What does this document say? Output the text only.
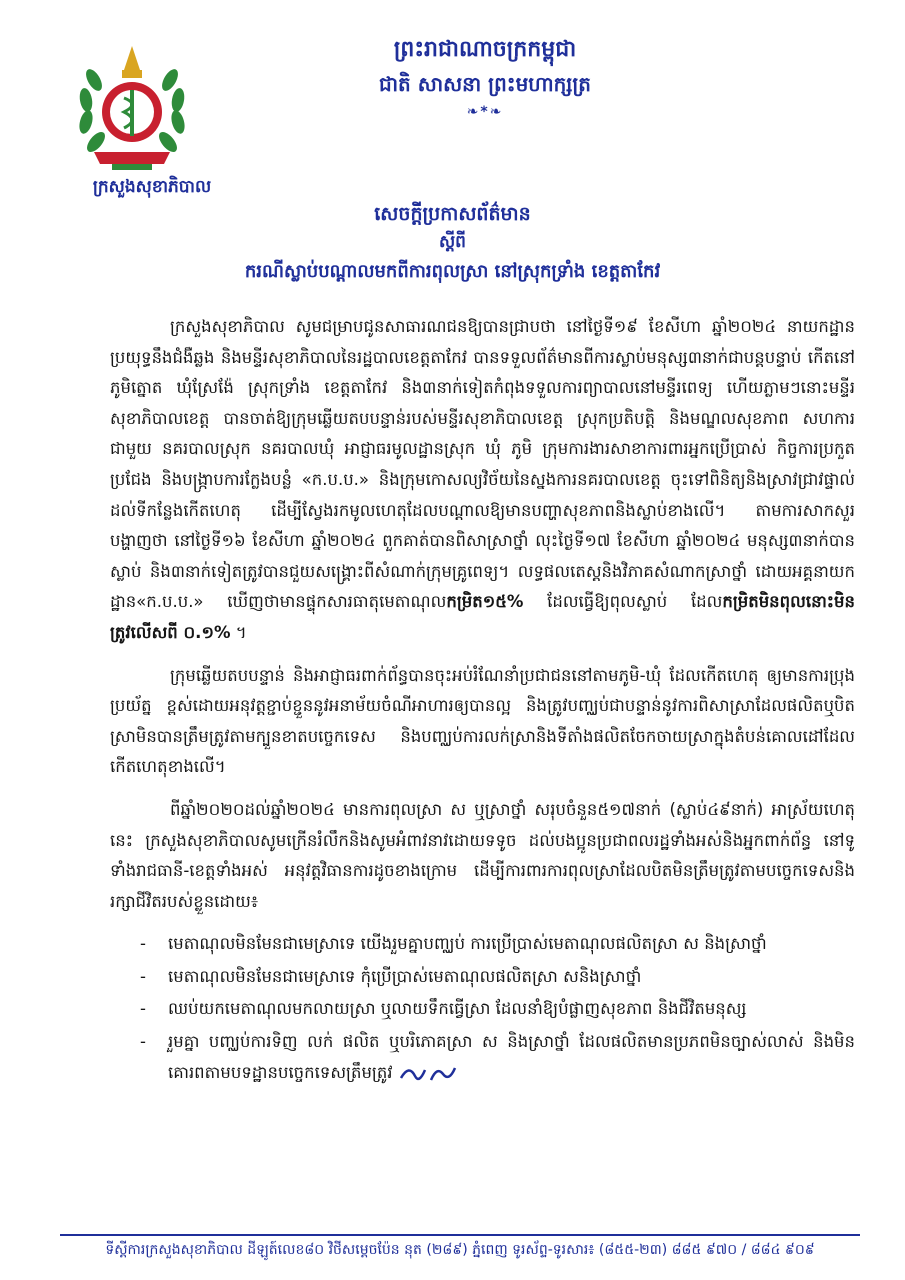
ក្រសួងសុខាភិបាល
ព្រះរាជាណាចក្រកម្ពុជា
ជាតិ សាសនា ព្រះមហាក្សត្រ
❧*❧
សេចក្តីប្រកាសព័ត៌មាន
ស្តីពី
ករណីស្លាប់បណ្តាលមកពីការពុលស្រា នៅស្រុកទ្រាំង ខេត្តតាកែវ

ក្រសួងសុខាភិបាល សូមជម្រាបជូនសាធារណជនឱ្យបានជ្រាបថា នៅថ្ងៃទី១៩ ខែសីហា ឆ្នាំ២០២៤ នាយកដ្ឋានប្រយុទ្ធនឹងជំងឺឆ្លង និងមន្ទីរសុខាភិបាលនៃរដ្ឋបាលខេត្តតាកែវ បានទទួលព័ត៌មានពីការស្លាប់មនុស្ស៣នាក់ជាបន្តបន្ទាប់ កើតនៅភូមិត្នោត ឃុំស្រែង៉ែ ស្រុកទ្រាំង ខេត្តតាកែវ និង៣នាក់ទៀតកំពុងទទួលការព្យាបាលនៅមន្ទីរពេទ្យ ហើយភ្លាមៗនោះមន្ទីរសុខាភិបាលខេត្ត បានចាត់ឱ្យក្រុមឆ្លើយតបបន្ទាន់របស់មន្ទីរសុខាភិបាលខេត្ត ស្រុកប្រតិបត្តិ និងមណ្ឌលសុខភាព សហការជាមួយ នគរបាលស្រុក នគរបាលឃុំ អាជ្ញាធរមូលដ្ឋានស្រុក ឃុំ ភូមិ ក្រុមការងារសាខាការពារអ្នកប្រើប្រាស់ កិច្ចការប្រកួតប្រជែង និងបង្ក្រាបការក្លែងបន្លំ «ក.ប.ប.» និងក្រុមកោសល្យវិច័យនៃស្នងការនគរបាលខេត្ត ចុះទៅពិនិត្យនិងស្រាវជ្រាវផ្ទាល់ដល់ទីកន្លែងកើតហេតុ ដើម្បីស្វែងរកមូលហេតុដែលបណ្តាលឱ្យមានបញ្ហាសុខភាពនិងស្លាប់ខាងលើ។ តាមការសាកសួរបង្ហាញថា នៅថ្ងៃទី១៦ ខែសីហា ឆ្នាំ២០២៤ ពួកគាត់បានពិសាស្រាថ្នាំ លុះថ្ងៃទី១៧ ខែសីហា ឆ្នាំ២០២៤ មនុស្ស៣នាក់បានស្លាប់ និង៣នាក់ទៀតត្រូវបានជួយសង្គ្រោះពីសំណាក់ក្រុមគ្រូពេទ្យ។ លទ្ធផលតេស្តនិងវិភាគសំណាកស្រាថ្នាំ ដោយអគ្គនាយកដ្ឋាន«ក.ប.ប.» ឃើញថាមានផ្ទុកសារធាតុមេតាណុលកម្រិត១៥% ដែលធ្វើឱ្យពុលស្លាប់ ដែលកម្រិតមិនពុលនោះមិនត្រូវលើសពី ០.១% ។

ក្រុមឆ្លើយតបបន្ទាន់ និងអាជ្ញាធរពាក់ព័ន្ធបានចុះអប់រំណែនាំប្រជាជននៅតាមភូមិ-ឃុំ ដែលកើតហេតុ ឲ្យមានការប្រុងប្រយ័ត្ន ខ្ពស់ដោយអនុវត្តខ្ជាប់ខ្ជួននូវអនាម័យចំណីអាហារឲ្យបានល្អ និងត្រូវបញ្ឈប់ជាបន្ទាន់នូវការពិសាស្រាដែលផលិតឬបិតស្រាមិនបានត្រឹមត្រូវតាមក្បួនខាតបច្ចេកទេស និងបញ្ឈប់ការលក់ស្រានិងទីតាំងផលិតចែកចាយស្រាក្នុងតំបន់គោលដៅដែលកើតហេតុខាងលើ។

ពីឆ្នាំ២០២០ដល់ឆ្នាំ២០២៤ មានការពុលស្រា ស ឬស្រាថ្នាំ សរុបចំនួន៥១៧នាក់ (ស្លាប់៤៩នាក់) អាស្រ័យហេតុនេះ ក្រសួងសុខាភិបាលសូមក្រើនរំលឹកនិងសូមអំពាវនាវដោយទទូច ដល់បងប្អូនប្រជាពលរដ្ឋទាំងអស់និងអ្នកពាក់ព័ន្ធ នៅទូទាំងរាជធានី-ខេត្តទាំងអស់ អនុវត្តវិធានការដូចខាងក្រោម ដើម្បីការពារការពុលស្រាដែលបិតមិនត្រឹមត្រូវតាមបច្ចេកទេសនិងរក្សាជីវិតរបស់ខ្លួនដោយ៖

- មេតាណុលមិនមែនជាមេស្រាទេ យើងរួមគ្នាបញ្ឈប់ ការប្រើប្រាស់មេតាណុលផលិតស្រា ស និងស្រាថ្នាំ
- មេតាណុលមិនមែនជាមេស្រាទេ កុំប្រើប្រាស់មេតាណុលផលិតស្រា សនិងស្រាថ្នាំ
- ឈប់យកមេតាណុលមកលាយស្រា ឬលាយទឹកធ្វើស្រា ដែលនាំឱ្យបំផ្លាញសុខភាព និងជីវិតមនុស្ស
- រួមគ្នា បញ្ឈប់ការទិញ លក់ ផលិត ឬបរិភោគស្រា ស និងស្រាថ្នាំ ដែលផលិតមានប្រភពមិនច្បាស់លាស់ និងមិនគោរពតាមបទដ្ឋានបច្ចេកទេសត្រឹមត្រូវ
ទីស្តីការក្រសួងសុខាភិបាល ដីឡូត៍លេខ៨០ វិថីសម្តេចប៉ែន នុត (២៨៩) ភ្នំពេញ ទូរស័ព្ទ-ទូរសារ៖ (៨៥៥-២៣) ៨៨៥ ៩៧០ / ៨៨៤ ៩០៩
